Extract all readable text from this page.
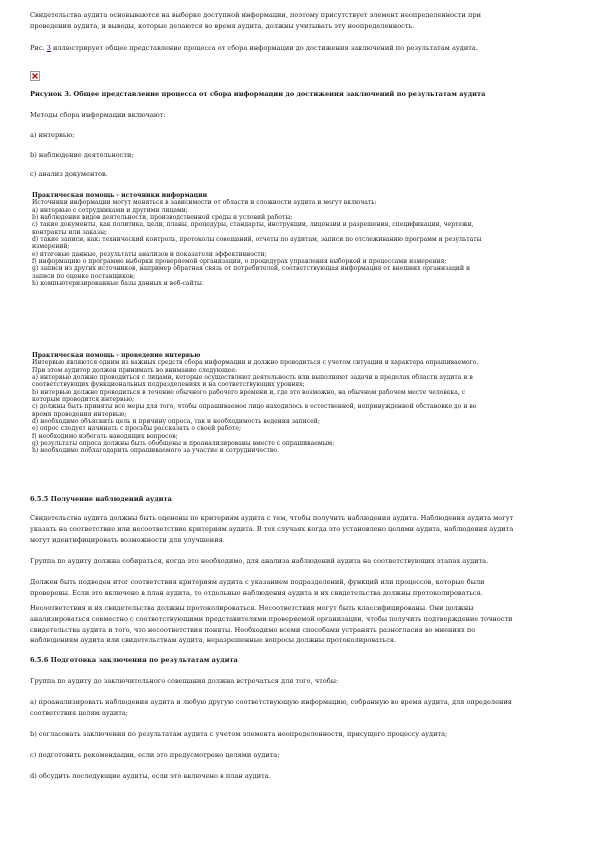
Свидетельства аудита основываются на выборке доступной информации, поэтому присутствует элемент неопределенности при
проведении аудита, и выводы, которые делаются во время аудита, должны учитывать эту неопределенность.

Рис. 3 иллюстрирует общее представление процесса от сбора информации до достижения заключений по результатам аудита.

Рисунок 3. Общее представление процесса от сбора информации до достижения заключений по результатам аудита

Методы сбора информации включают:

a) интервью;

b) наблюдение деятельности;

c) анализ документов.

Практическая помощь - источники информации
Источники информации могут меняться в зависимости от области и сложности аудита и могут включать:
a) интервью с сотрудниками и другими лицами;
b) наблюдения видов деятельности, производственной среды и условий работы;
c) такие документы, как политика, цели, планы, процедуры, стандарты, инструкции, лицензии и разрешения, спецификации, чертежи,
контракты или заказы;
d) такие записи, как: технический контроль, протоколы совещаний, отчеты по аудитам, записи по отслеживанию программ и результаты
измерений;
e) итоговые данные, результаты анализов и показатели эффективности;
f) информацию о программе выборки проверяемой организации, о процедурах управления выборкой и процессами измерения;
g) записи из других источников, например обратная связь от потребителей, соответствующая информация от внешних организаций и
записи по оценке поставщиков;
h) компьютеризированные базы данных и веб-сайты.
Практическая помощь - проведение интервью
Интервью являются одним из важных средств сбора информации и должно проводиться с учетом ситуации и характера опрашиваемого.
При этом аудитор должен принимать во внимание следующее:
a) интервью должно проводиться с лицами, которые осуществляют деятельность или выполняют задачи в пределах области аудита и в
соответствующих функциональных подразделениях и на соответствующих уровнях;
b) интервью должно проводиться в течение обычного рабочего времени и, где это возможно, на обычном рабочем месте человека, с
которым проводится интервью;
c) должны быть приняты все меры для того, чтобы опрашиваемое лицо находилось в естественной, непринужденной обстановке до и во
время проведения интервью;
d) необходимо объяснить цель и причину опроса, так и необходимость ведения записей;
e) опрос следует начинать с просьбы рассказать о своей работе;
f) необходимо избегать наводящих вопросов;
g) результаты опроса должны быть обобщены и проанализированы вместе с опрашиваемым;
h) необходимо поблагодарить опрашиваемого за участие и сотрудничество.

6.5.5 Получение наблюдений аудита

Свидетельства аудита должны быть оценены по критериям аудита с тем, чтобы получить наблюдения аудита. Наблюдения аудита могут
указать на соответствие или несоответствие критериям аудита. В тех случаях когда это установлено целями аудита, наблюдения аудита
могут идентифицировать возможности для улучшения.

Группа по аудиту должна собираться, когда это необходимо, для анализа наблюдений аудита на соответствующих этапах аудита.

Должен быть подведен итог соответствия критериям аудита с указанием подразделений, функций или процессов, которые были
проверены. Если это включено в план аудита, то отдельные наблюдения аудита и их свидетельства должны протоколироваться.

Несоответствия и их свидетельства должны протоколироваться. Несоответствия могут быть классифицированы. Они должны
анализироваться совместно с соответствующими представителями проверяемой организации, чтобы получить подтверждение точности
свидетельства аудита и того, что несоответствия поняты. Необходимо всеми способами устранять разногласия во мнениях по
наблюдениям аудита или свидетельствам аудита, неразрешенные вопросы должны протоколироваться.

6.5.6 Подготовка заключения по результатам аудита

Группа по аудиту до заключительного совещания должна встречаться для того, чтобы:

a) проанализировать наблюдения аудита и любую другую соответствующую информацию, собранную во время аудита, для определения
соответствия целям аудита;

b) согласовать заключения по результатам аудита с учетом элемента неопределенности, присущего процессу аудита;

c) подготовить рекомендации, если это предусмотрено целями аудита;

d) обсудить последующие аудиты, если это включено в план аудита.
